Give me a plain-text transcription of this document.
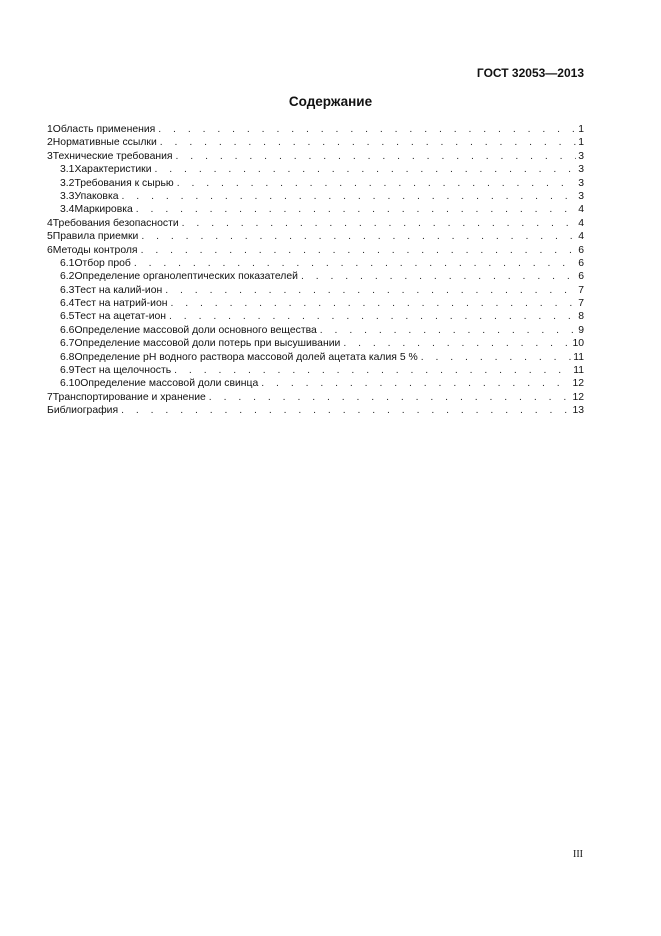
ГОСТ 32053—2013
Содержание
1 Область применения . . .	1
2 Нормативные ссылки . . .	1
3 Технические требования . . .	3
3.1 Характеристики . . .	3
3.2 Требования к сырью . . .	3
3.3 Упаковка . . .	3
3.4 Маркировка . . .	4
4 Требования безопасности . . .	4
5 Правила приемки . . .	4
6 Методы контроля . . .	6
6.1 Отбор проб . . .	6
6.2 Определение органолептических показателей . . .	6
6.3 Тест на калий-ион . . .	7
6.4 Тест на натрий-ион . . .	7
6.5 Тест на ацетат-ион . . .	8
6.6 Определение массовой доли основного вещества . . .	9
6.7 Определение массовой доли потерь при высушивании . . .	10
6.8 Определение pH водного раствора массовой долей ацетата калия 5 % . . .	11
6.9 Тест на щелочность . . .	11
6.10 Определение массовой доли свинца . . .	12
7 Транспортирование и хранение . . .	12
Библиография . . .	13
III
